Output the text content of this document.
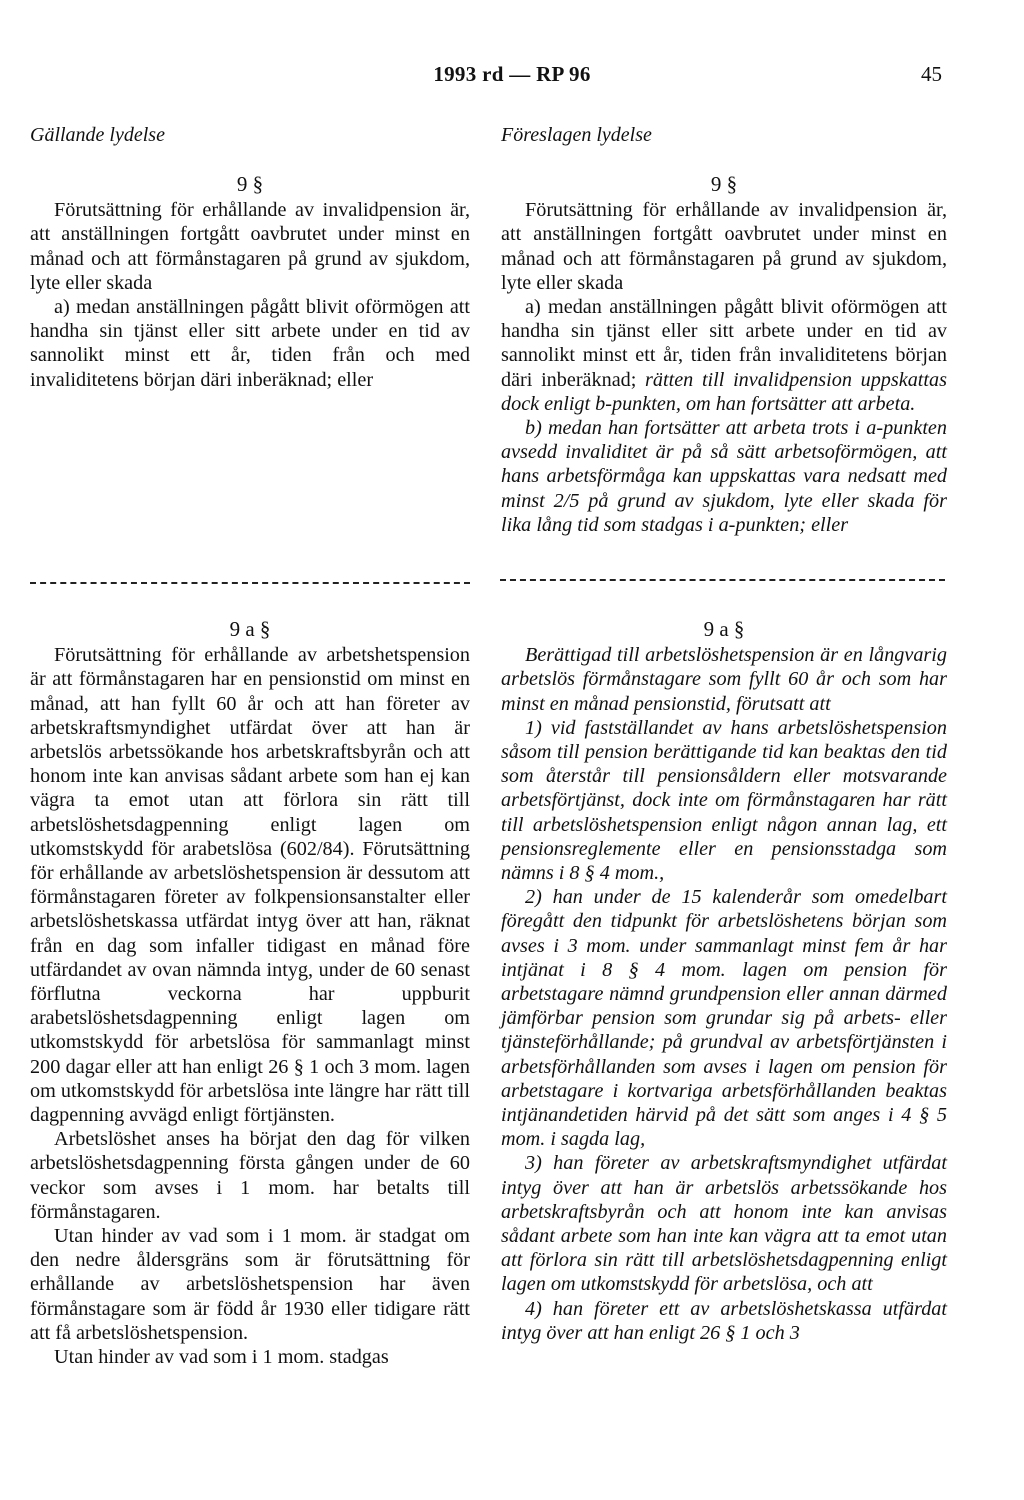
1993 rd — RP 96	45
Gällande lydelse	Föreslagen lydelse
9 §

Förutsättning för erhållande av invalidpension är, att anställningen fortgått oavbrutet under minst en månad och att förmånstagaren på grund av sjukdom, lyte eller skada

a) medan anställningen pågått blivit oförmögen att handha sin tjänst eller sitt arbete under en tid av sannolikt minst ett år, tiden från och med invaliditetens början däri inberäknad; eller

9 §

Förutsättning för erhållande av invalidpension är, att anställningen fortgått oavbrutet under minst en månad och att förmånstagaren på grund av sjukdom, lyte eller skada

a) medan anställningen pågått blivit oförmögen att handha sin tjänst eller sitt arbete under en tid av sannolikt minst ett år, tiden från invaliditetens början däri inberäknad; rätten till invalidpension uppskattas dock enligt b-punkten, om han fortsätter att arbeta.

b) medan han fortsätter att arbeta trots i a-punkten avsedd invaliditet är på så sätt arbetsoförmögen, att hans arbetsförmåga kan uppskattas vara nedsatt med minst 2/5 på grund av sjukdom, lyte eller skada för lika lång tid som stadgas i a-punkten; eller

9 a §

Förutsättning för erhållande av arbetshetspension är att förmånstagaren har en pensionstid om minst en månad, att han fyllt 60 år och att han företer av arbetskraftsmyndighet utfärdat över att han är arbetslös arbetssökande hos arbetskraftsbyrån och att honom inte kan anvisas sådant arbete som han ej kan vägra ta emot utan att förlora sin rätt till arbetslöshetsdagpenning enligt lagen om utkomstskydd för arabetslösa (602/84). Förutsättning för erhållande av arbetslöshetspension är dessutom att förmånstagaren företer av folkpensionsanstalter eller arbetslöshetskassa utfärdat intyg över att han, räknat från en dag som infaller tidigast en månad före utfärdandet av ovan nämnda intyg, under de 60 senast förflutna veckorna har uppburit arabetslöshetsdagpenning enligt lagen om utkomstskydd för arbetslösa för sammanlagt minst 200 dagar eller att han enligt 26 § 1 och 3 mom. lagen om utkomstskydd för arbetslösa inte längre har rätt till dagpenning avvägd enligt förtjänsten.

Arbetslöshet anses ha börjat den dag för vilken arbetslöshetsdagpenning första gången under de 60 veckor som avses i 1 mom. har betalts till förmånstagaren.

Utan hinder av vad som i 1 mom. är stadgat om den nedre åldersgräns som är förutsättning för erhållande av arbetslöshetspension har även förmånstagare som är född år 1930 eller tidigare rätt att få arbetslöshetspension.

Utan hinder av vad som i 1 mom. stadgas

9 a §

Berättigad till arbetslöshetspension är en långvarig arbetslös förmånstagare som fyllt 60 år och som har minst en månad pensionstid, förutsatt att

1) vid fastställandet av hans arbetslöshetspension såsom till pension berättigande tid kan beaktas den tid som återstår till pensionsåldern eller motsvarande arbetsförtjänst, dock inte om förmånstagaren har rätt till arbetslöshetspension enligt någon annan lag, ett pensionsreglemente eller en pensionsstadga som nämns i 8 § 4 mom.,

2) han under de 15 kalenderår som omedelbart föregått den tidpunkt för arbetslöshetens början som avses i 3 mom. under sammanlagt minst fem år har intjänat i 8 § 4 mom. lagen om pension för arbetstagare nämnd grundpension eller annan därmed jämförbar pension som grundar sig på arbets- eller tjänsteförhållande; på grundval av arbetsförtjänsten i arbetsförhållanden som avses i lagen om pension för arbetstagare i kortvariga arbetsförhållanden beaktas intjänandetiden härvid på det sätt som anges i 4 § 5 mom. i sagda lag,

3) han företer av arbetskraftsmyndighet utfärdat intyg över att han är arbetslös arbetssökande hos arbetskraftsbyrån och att honom inte kan anvisas sådant arbete som han inte kan vägra att ta emot utan att förlora sin rätt till arbetslöshetsdagpenning enligt lagen om utkomstskydd för arbetslösa, och att

4) han företer ett av arbetslöshetskassa utfärdat intyg över att han enligt 26 § 1 och 3
